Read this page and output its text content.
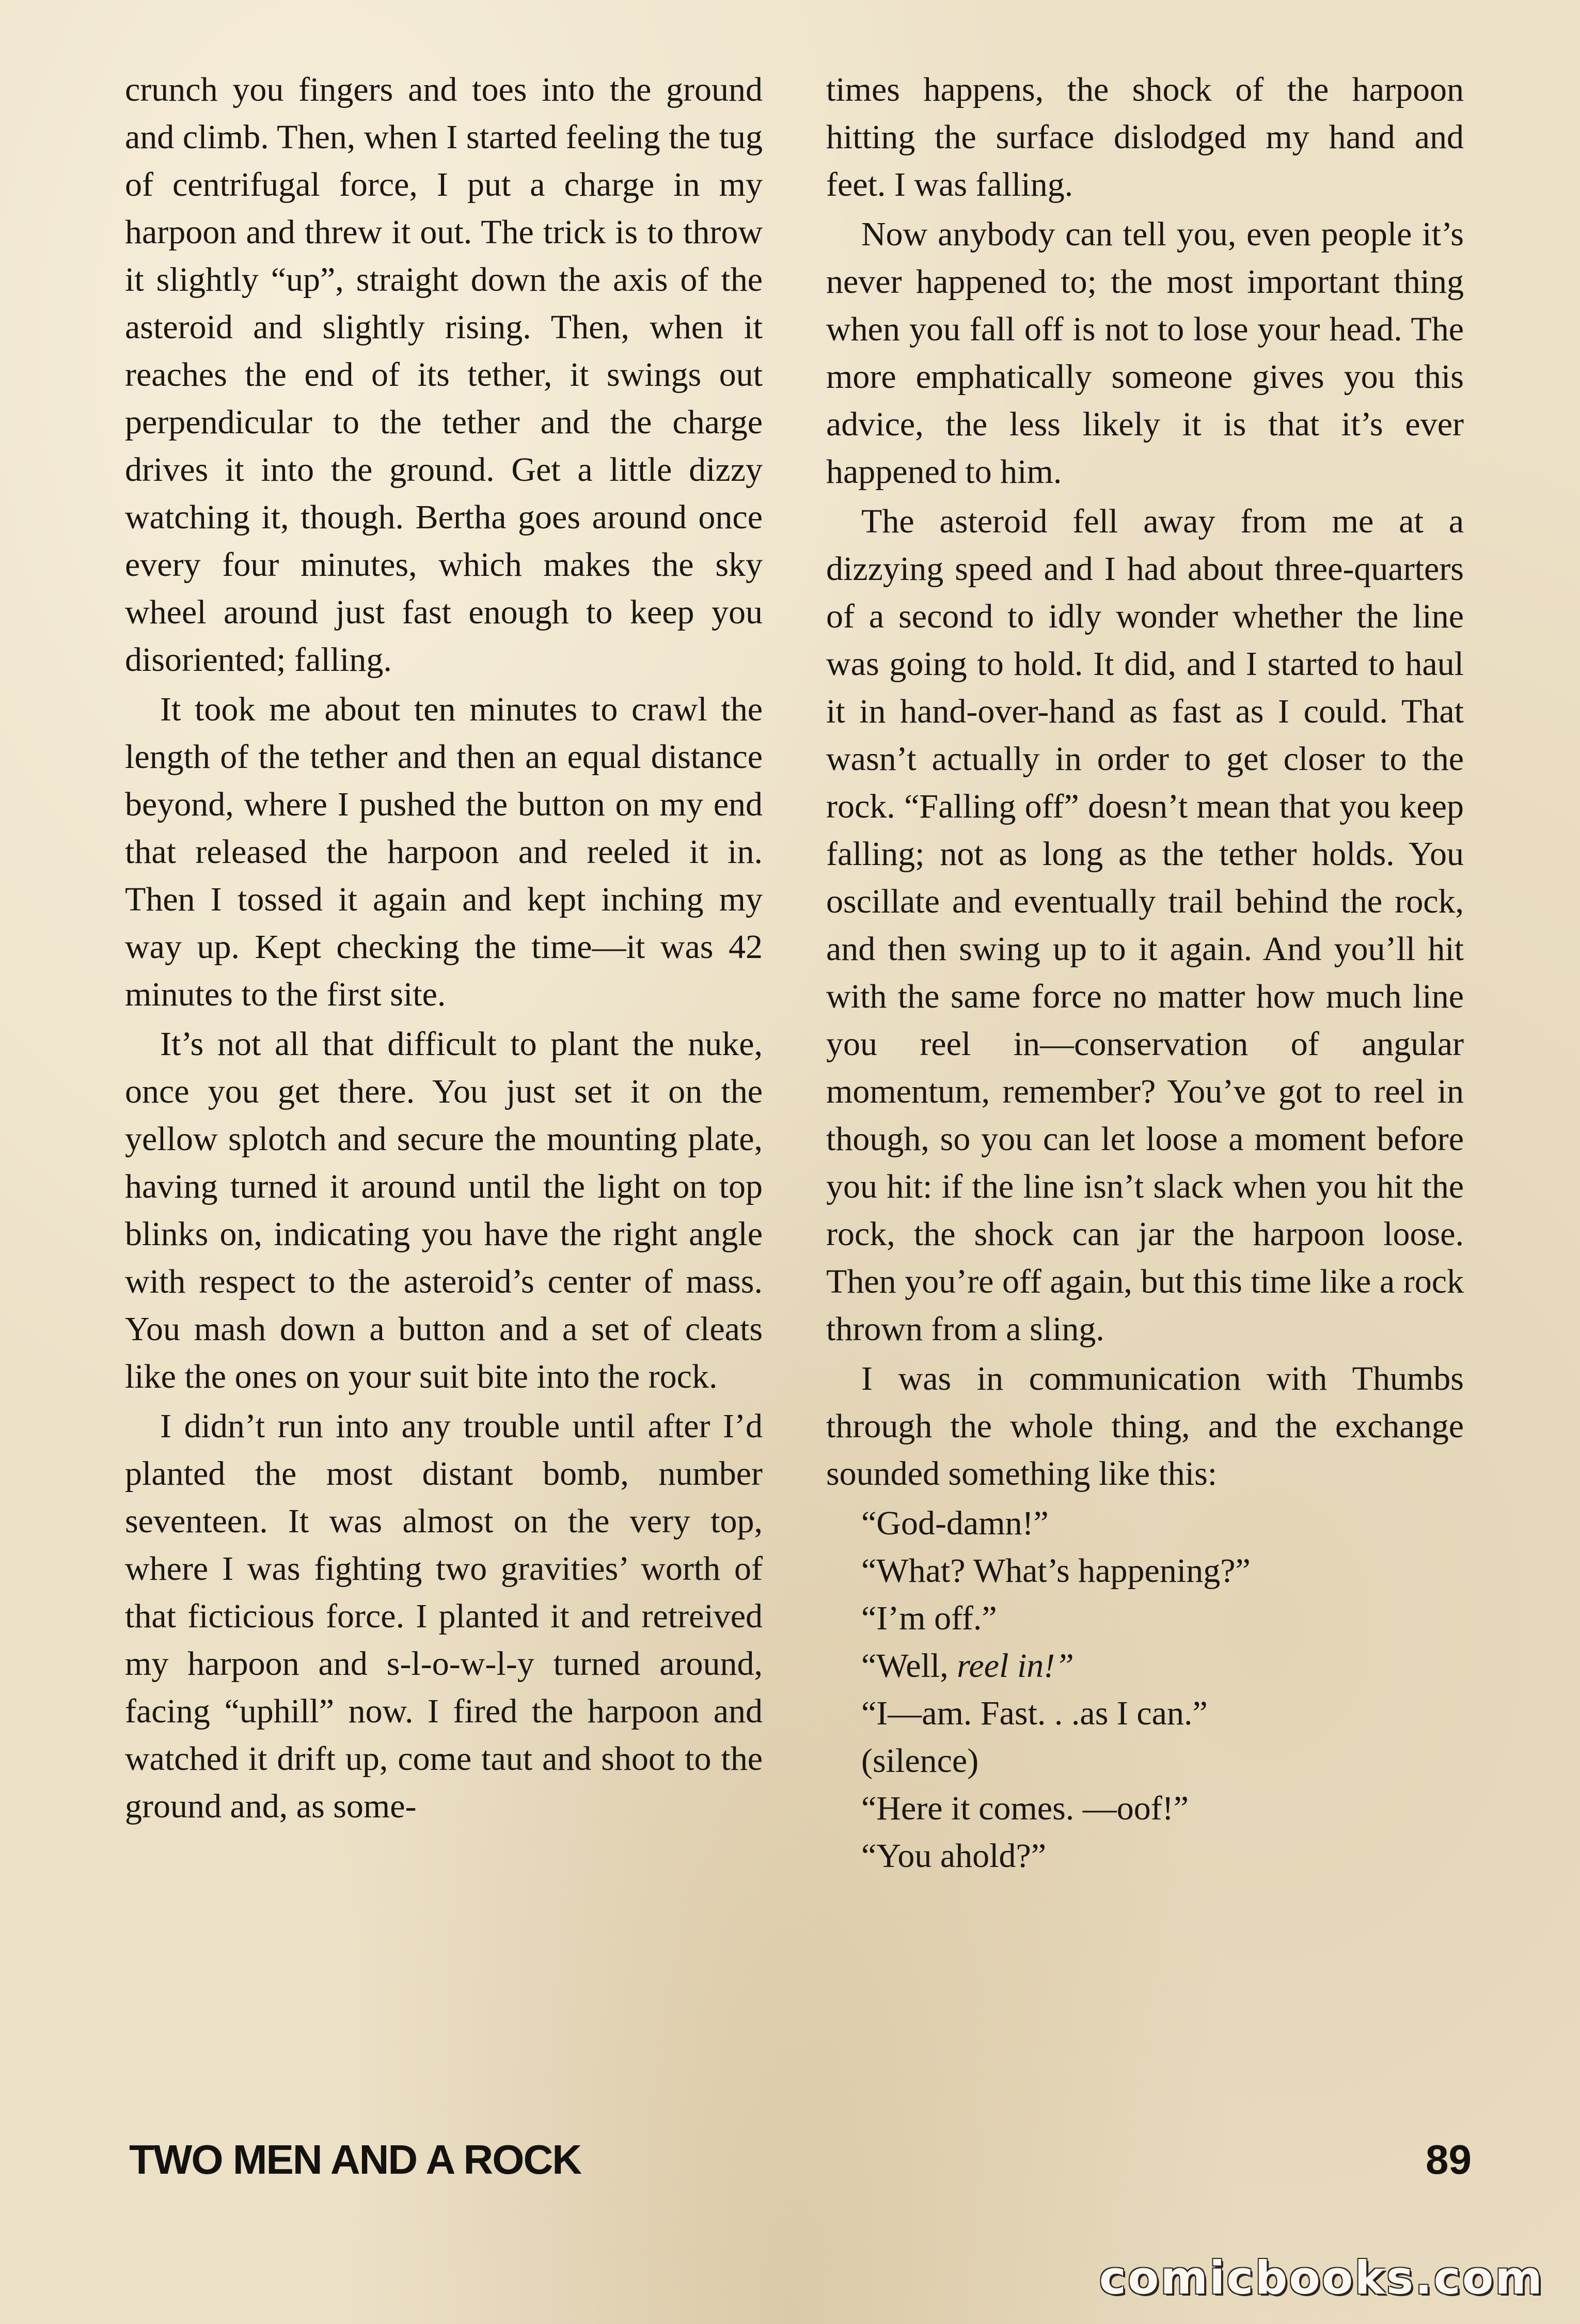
crunch you fingers and toes into the ground and climb. Then, when I started feeling the tug of centrifugal force, I put a charge in my harpoon and threw it out. The trick is to throw it slightly “up”, straight down the axis of the asteroid and slightly rising. Then, when it reaches the end of its tether, it swings out perpendicular to the tether and the charge drives it into the ground. Get a little dizzy watching it, though. Bertha goes around once every four minutes, which makes the sky wheel around just fast enough to keep you disoriented; falling.

It took me about ten minutes to crawl the length of the tether and then an equal distance beyond, where I pushed the button on my end that released the harpoon and reeled it in. Then I tossed it again and kept inching my way up. Kept checking the time—it was 42 minutes to the first site.

It’s not all that difficult to plant the nuke, once you get there. You just set it on the yellow splotch and secure the mounting plate, having turned it around until the light on top blinks on, indicating you have the right angle with respect to the asteroid’s center of mass. You mash down a button and a set of cleats like the ones on your suit bite into the rock.

I didn’t run into any trouble until after I’d planted the most distant bomb, number seventeen. It was almost on the very top, where I was fighting two gravities’ worth of that ficticious force. I planted it and retreived my harpoon and s-l-o-w-l-y turned around, facing “uphill” now. I fired the harpoon and watched it drift up, come taut and shoot to the ground and, as some-

times happens, the shock of the harpoon hitting the surface dislodged my hand and feet. I was falling.

Now anybody can tell you, even people it’s never happened to; the most important thing when you fall off is not to lose your head. The more emphatically someone gives you this advice, the less likely it is that it’s ever happened to him.

The asteroid fell away from me at a dizzying speed and I had about three-quarters of a second to idly wonder whether the line was going to hold. It did, and I started to haul it in hand-over-hand as fast as I could. That wasn’t actually in order to get closer to the rock. “Falling off” doesn’t mean that you keep falling; not as long as the tether holds. You oscillate and eventually trail behind the rock, and then swing up to it again. And you’ll hit with the same force no matter how much line you reel in—conservation of angular momentum, remember? You’ve got to reel in though, so you can let loose a moment before you hit: if the line isn’t slack when you hit the rock, the shock can jar the harpoon loose. Then you’re off again, but this time like a rock thrown from a sling.

I was in communication with Thumbs through the whole thing, and the exchange sounded something like this:

“God-damn!”

“What? What’s happening?”

“I’m off.”

“Well, reel in!”

“I—am. Fast. . .as I can.”

(silence)

“Here it comes. —oof!”

“You ahold?”

TWO MEN AND A ROCK	89
comicbooks.com
